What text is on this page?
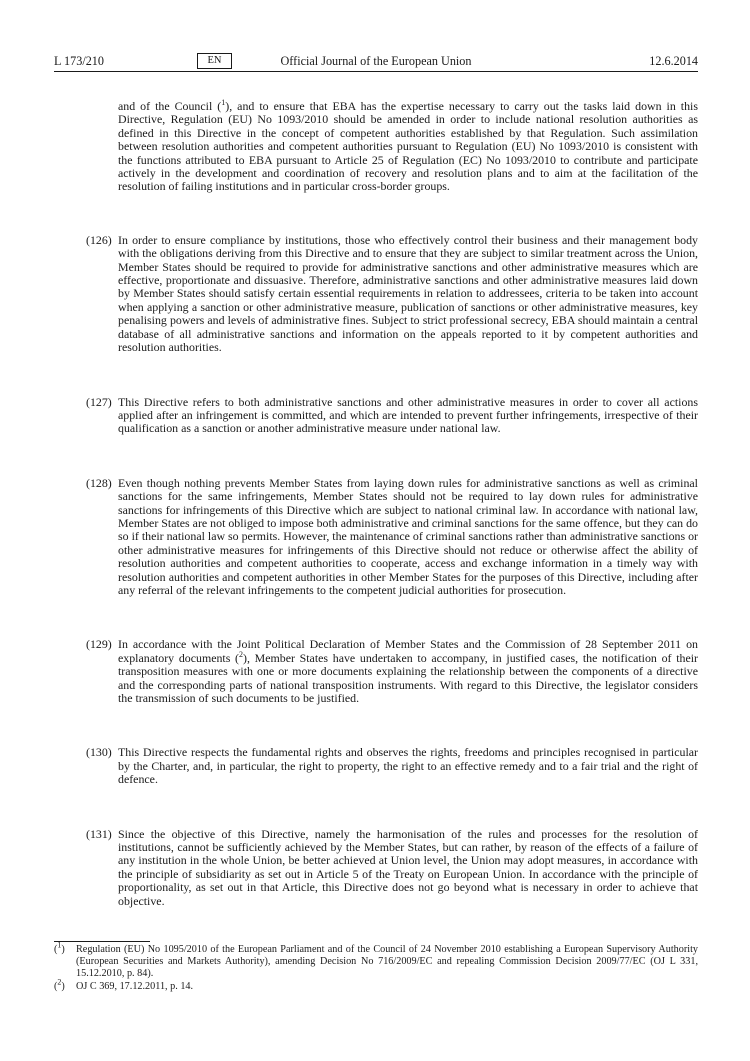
L 173/210	EN	Official Journal of the European Union	12.6.2014
and of the Council ($^1$), and to ensure that EBA has the expertise necessary to carry out the tasks laid down in this Directive, Regulation (EU) No 1093/2010 should be amended in order to include national resolution authorities as defined in this Directive in the concept of competent authorities established by that Regulation. Such assimilation between resolution authorities and competent authorities pursuant to Regulation (EU) No 1093/2010 is consistent with the functions attributed to EBA pursuant to Article 25 of Regulation (EC) No 1093/2010 to contribute and participate actively in the development and coordination of recovery and resolution plans and to aim at the facilitation of the resolution of failing institutions and in particular cross-border groups.
(126) In order to ensure compliance by institutions, those who effectively control their business and their management body with the obligations deriving from this Directive and to ensure that they are subject to similar treatment across the Union, Member States should be required to provide for administrative sanctions and other administrative measures which are effective, proportionate and dissuasive. Therefore, administrative sanctions and other administrative measures laid down by Member States should satisfy certain essential requirements in relation to addressees, criteria to be taken into account when applying a sanction or other administrative measure, publication of sanctions or other administrative measures, key penalising powers and levels of administrative fines. Subject to strict professional secrecy, EBA should maintain a central database of all administrative sanctions and information on the appeals reported to it by competent authorities and resolution authorities.
(127) This Directive refers to both administrative sanctions and other administrative measures in order to cover all actions applied after an infringement is committed, and which are intended to prevent further infringements, irrespective of their qualification as a sanction or another administrative measure under national law.
(128) Even though nothing prevents Member States from laying down rules for administrative sanctions as well as criminal sanctions for the same infringements, Member States should not be required to lay down rules for administrative sanctions for infringements of this Directive which are subject to national criminal law. In accordance with national law, Member States are not obliged to impose both administrative and criminal sanctions for the same offence, but they can do so if their national law so permits. However, the maintenance of criminal sanctions rather than administrative sanctions or other administrative measures for infringements of this Directive should not reduce or otherwise affect the ability of resolution authorities and competent authorities to cooperate, access and exchange information in a timely way with resolution authorities and competent authorities in other Member States for the purposes of this Directive, including after any referral of the relevant infringements to the competent judicial authorities for prosecution.
(129) In accordance with the Joint Political Declaration of Member States and the Commission of 28 September 2011 on explanatory documents ($^2$), Member States have undertaken to accompany, in justified cases, the notification of their transposition measures with one or more documents explaining the relationship between the components of a directive and the corresponding parts of national transposition instruments. With regard to this Directive, the legislator considers the transmission of such documents to be justified.
(130) This Directive respects the fundamental rights and observes the rights, freedoms and principles recognised in particular by the Charter, and, in particular, the right to property, the right to an effective remedy and to a fair trial and the right of defence.
(131) Since the objective of this Directive, namely the harmonisation of the rules and processes for the resolution of institutions, cannot be sufficiently achieved by the Member States, but can rather, by reason of the effects of a failure of any institution in the whole Union, be better achieved at Union level, the Union may adopt measures, in accordance with the principle of subsidiarity as set out in Article 5 of the Treaty on European Union. In accordance with the principle of proportionality, as set out in that Article, this Directive does not go beyond what is necessary in order to achieve that objective.
($^1$) Regulation (EU) No 1095/2010 of the European Parliament and of the Council of 24 November 2010 establishing a European Supervisory Authority (European Securities and Markets Authority), amending Decision No 716/2009/EC and repealing Commission Decision 2009/77/EC (OJ L 331, 15.12.2010, p. 84).
($^2$) OJ C 369, 17.12.2011, p. 14.
